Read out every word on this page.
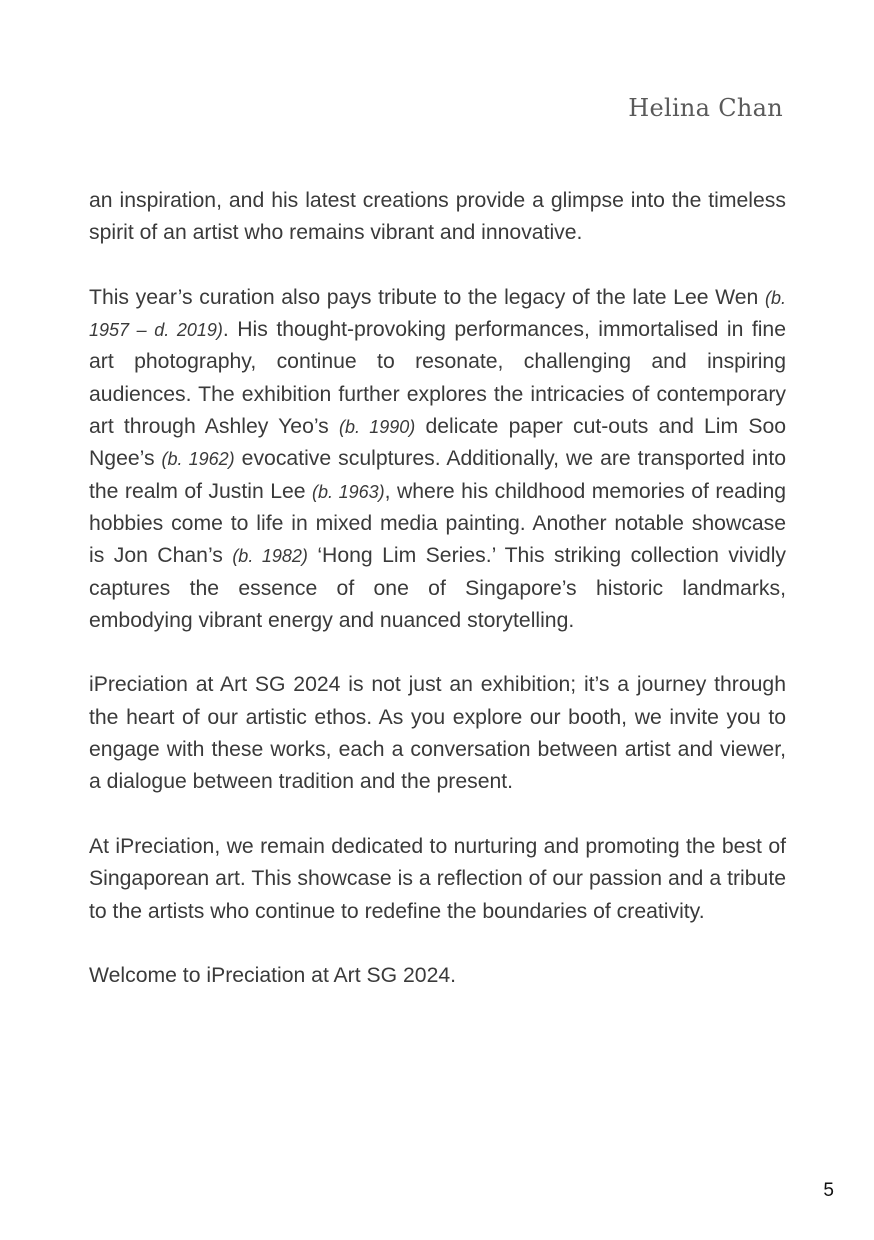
Helina Chan

an inspiration, and his latest creations provide a glimpse into the timeless spirit of an artist who remains vibrant and innovative.

This year’s curation also pays tribute to the legacy of the late Lee Wen (b. 1957 – d. 2019). His thought-provoking performances, immortalised in fine art photography, continue to resonate, challenging and inspiring audiences. The exhibition further explores the intricacies of contemporary art through Ashley Yeo’s (b. 1990) delicate paper cut-outs and Lim Soo Ngee’s (b. 1962) evocative sculptures. Additionally, we are transported into the realm of Justin Lee (b. 1963), where his childhood memories of reading hobbies come to life in mixed media painting. Another notable showcase is Jon Chan’s (b. 1982) ‘Hong Lim Series.’ This striking collection vividly captures the essence of one of Singapore’s historic landmarks, embodying vibrant energy and nuanced storytelling.

iPreciation at Art SG 2024 is not just an exhibition; it’s a journey through the heart of our artistic ethos. As you explore our booth, we invite you to engage with these works, each a conversation between artist and viewer, a dialogue between tradition and the present.

At iPreciation, we remain dedicated to nurturing and promoting the best of Singaporean art. This showcase is a reflection of our passion and a tribute to the artists who continue to redefine the boundaries of creativity.

Welcome to iPreciation at Art SG 2024.

5
